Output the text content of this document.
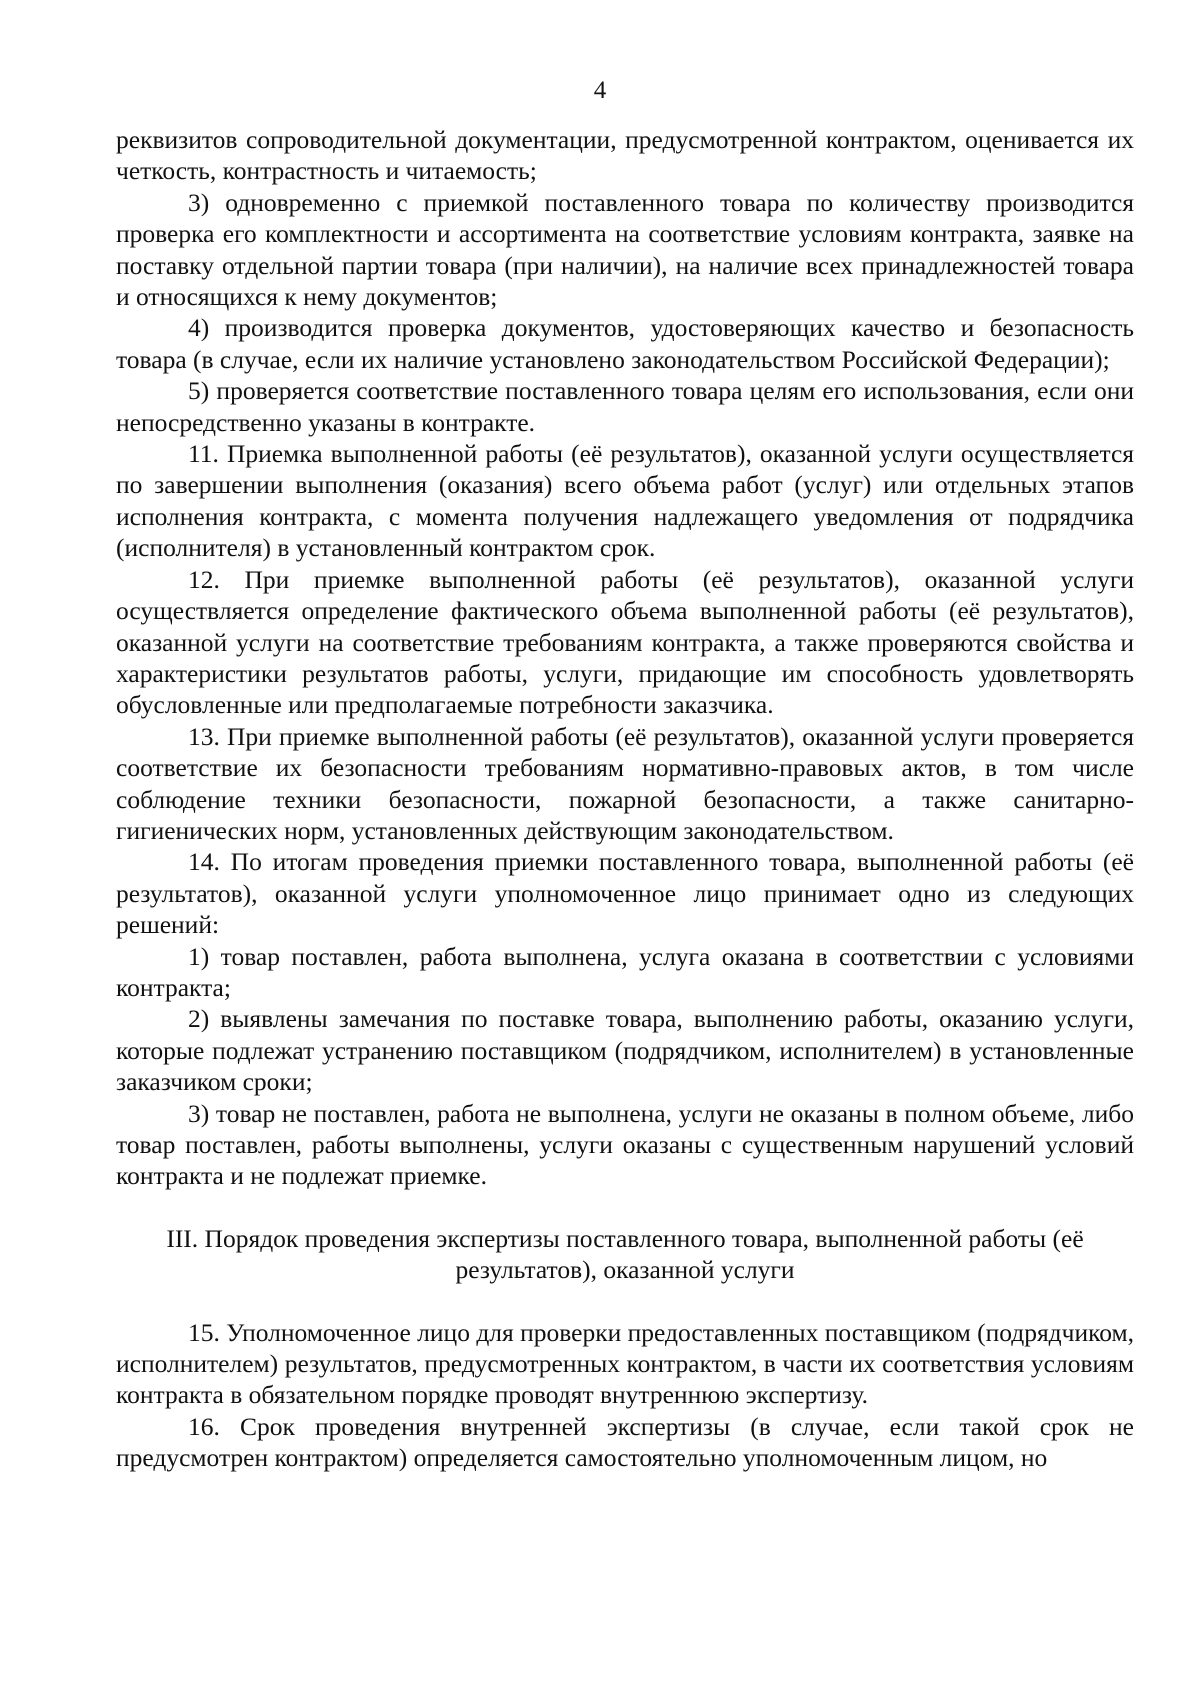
4

реквизитов сопроводительной документации, предусмотренной контрактом, оценивается их четкость, контрастность и читаемость;

3) одновременно с приемкой поставленного товара по количеству производится проверка его комплектности и ассортимента на соответствие условиям контракта, заявке на поставку отдельной партии товара (при наличии), на наличие всех принадлежностей товара и относящихся к нему документов;

4) производится проверка документов, удостоверяющих качество и безопасность товара (в случае, если их наличие установлено законодательством Российской Федерации);

5) проверяется соответствие поставленного товара целям его использования, если они непосредственно указаны в контракте.

11. Приемка выполненной работы (её результатов), оказанной услуги осуществляется по завершении выполнения (оказания) всего объема работ (услуг) или отдельных этапов исполнения контракта, с момента получения надлежащего уведомления от подрядчика (исполнителя) в установленный контрактом срок.

12. При приемке выполненной работы (её результатов), оказанной услуги осуществляется определение фактического объема выполненной работы (её результатов), оказанной услуги на соответствие требованиям контракта, а также проверяются свойства и характеристики результатов работы, услуги, придающие им способность удовлетворять обусловленные или предполагаемые потребности заказчика.

13. При приемке выполненной работы (её результатов), оказанной услуги проверяется соответствие их безопасности требованиям нормативно-правовых актов, в том числе соблюдение техники безопасности, пожарной безопасности, а также санитарно-гигиенических норм, установленных действующим законодательством.

14. По итогам проведения приемки поставленного товара, выполненной работы (её результатов), оказанной услуги уполномоченное лицо принимает одно из следующих решений:

1) товар поставлен, работа выполнена, услуга оказана в соответствии с условиями контракта;

2) выявлены замечания по поставке товара, выполнению работы, оказанию услуги, которые подлежат устранению поставщиком (подрядчиком, исполнителем) в установленные заказчиком сроки;

3) товар не поставлен, работа не выполнена, услуги не оказаны в полном объеме, либо товар поставлен, работы выполнены, услуги оказаны с существенным нарушений условий контракта и не подлежат приемке.

III. Порядок проведения экспертизы поставленного товара, выполненной работы (её результатов), оказанной услуги

15. Уполномоченное лицо для проверки предоставленных поставщиком (подрядчиком, исполнителем) результатов, предусмотренных контрактом, в части их соответствия условиям контракта в обязательном порядке проводят внутреннюю экспертизу.

16. Срок проведения внутренней экспертизы (в случае, если такой срок не предусмотрен контрактом) определяется самостоятельно уполномоченным лицом, но
